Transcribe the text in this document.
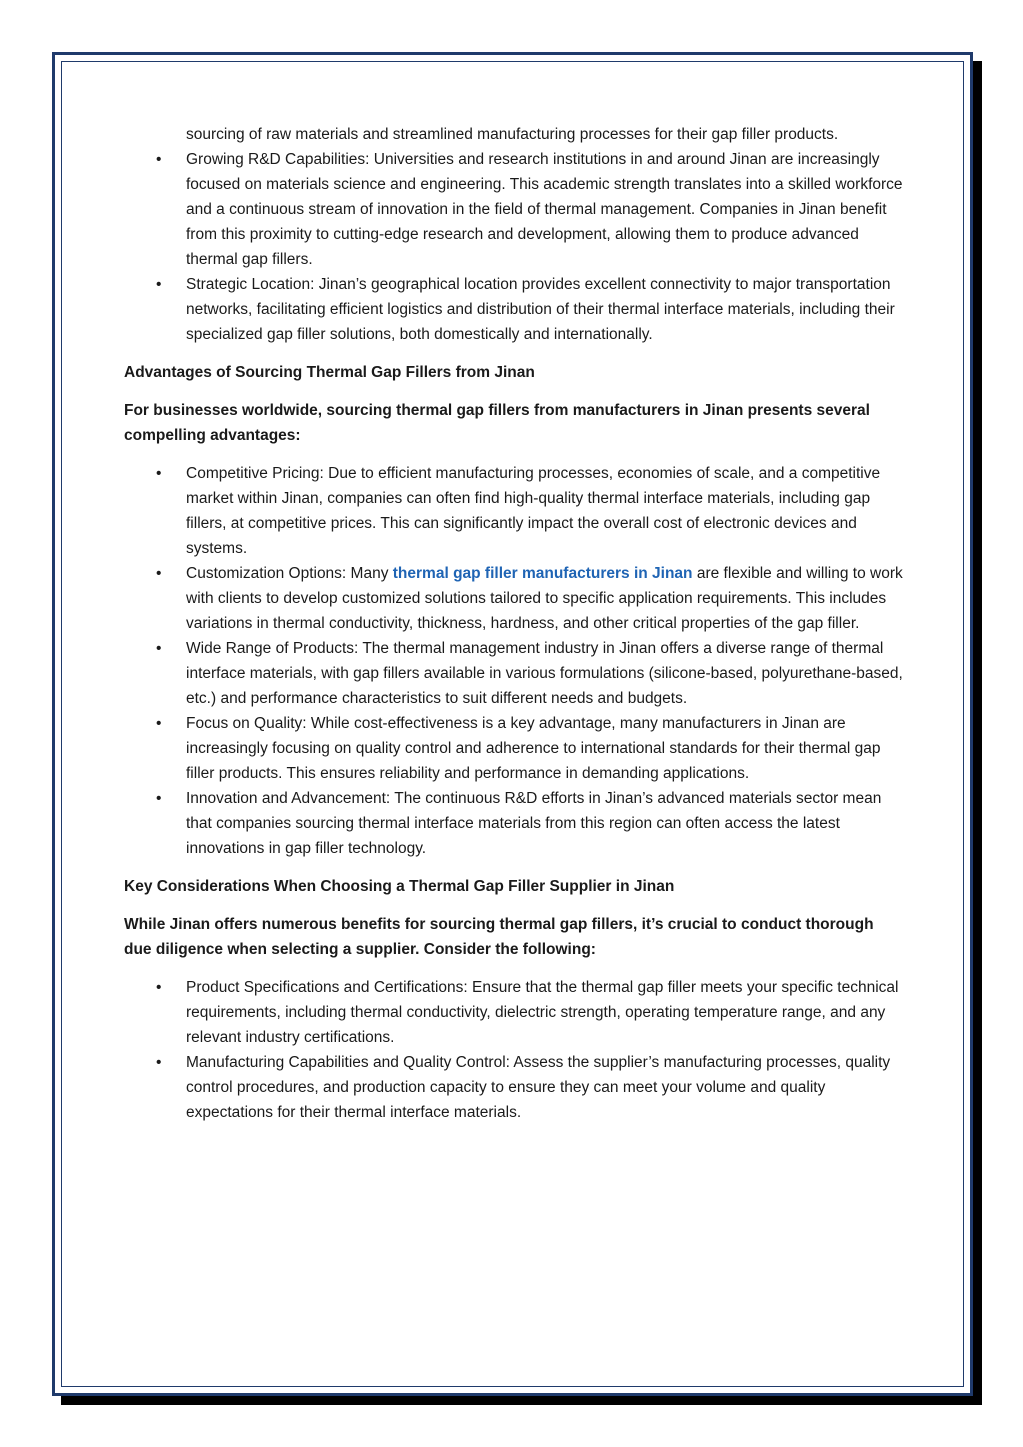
sourcing of raw materials and streamlined manufacturing processes for their gap filler products.
• Growing R&D Capabilities: Universities and research institutions in and around Jinan are increasingly focused on materials science and engineering. This academic strength translates into a skilled workforce and a continuous stream of innovation in the field of thermal management. Companies in Jinan benefit from this proximity to cutting-edge research and development, allowing them to produce advanced thermal gap fillers.
• Strategic Location: Jinan’s geographical location provides excellent connectivity to major transportation networks, facilitating efficient logistics and distribution of their thermal interface materials, including their specialized gap filler solutions, both domestically and internationally.

Advantages of Sourcing Thermal Gap Fillers from Jinan

For businesses worldwide, sourcing thermal gap fillers from manufacturers in Jinan presents several compelling advantages:

• Competitive Pricing: Due to efficient manufacturing processes, economies of scale, and a competitive market within Jinan, companies can often find high-quality thermal interface materials, including gap fillers, at competitive prices. This can significantly impact the overall cost of electronic devices and systems.
• Customization Options: Many thermal gap filler manufacturers in Jinan are flexible and willing to work with clients to develop customized solutions tailored to specific application requirements. This includes variations in thermal conductivity, thickness, hardness, and other critical properties of the gap filler.
• Wide Range of Products: The thermal management industry in Jinan offers a diverse range of thermal interface materials, with gap fillers available in various formulations (silicone-based, polyurethane-based, etc.) and performance characteristics to suit different needs and budgets.
• Focus on Quality: While cost-effectiveness is a key advantage, many manufacturers in Jinan are increasingly focusing on quality control and adherence to international standards for their thermal gap filler products. This ensures reliability and performance in demanding applications.
• Innovation and Advancement: The continuous R&D efforts in Jinan’s advanced materials sector mean that companies sourcing thermal interface materials from this region can often access the latest innovations in gap filler technology.

Key Considerations When Choosing a Thermal Gap Filler Supplier in Jinan

While Jinan offers numerous benefits for sourcing thermal gap fillers, it’s crucial to conduct thorough due diligence when selecting a supplier. Consider the following:

• Product Specifications and Certifications: Ensure that the thermal gap filler meets your specific technical requirements, including thermal conductivity, dielectric strength, operating temperature range, and any relevant industry certifications.
• Manufacturing Capabilities and Quality Control: Assess the supplier’s manufacturing processes, quality control procedures, and production capacity to ensure they can meet your volume and quality expectations for their thermal interface materials.
